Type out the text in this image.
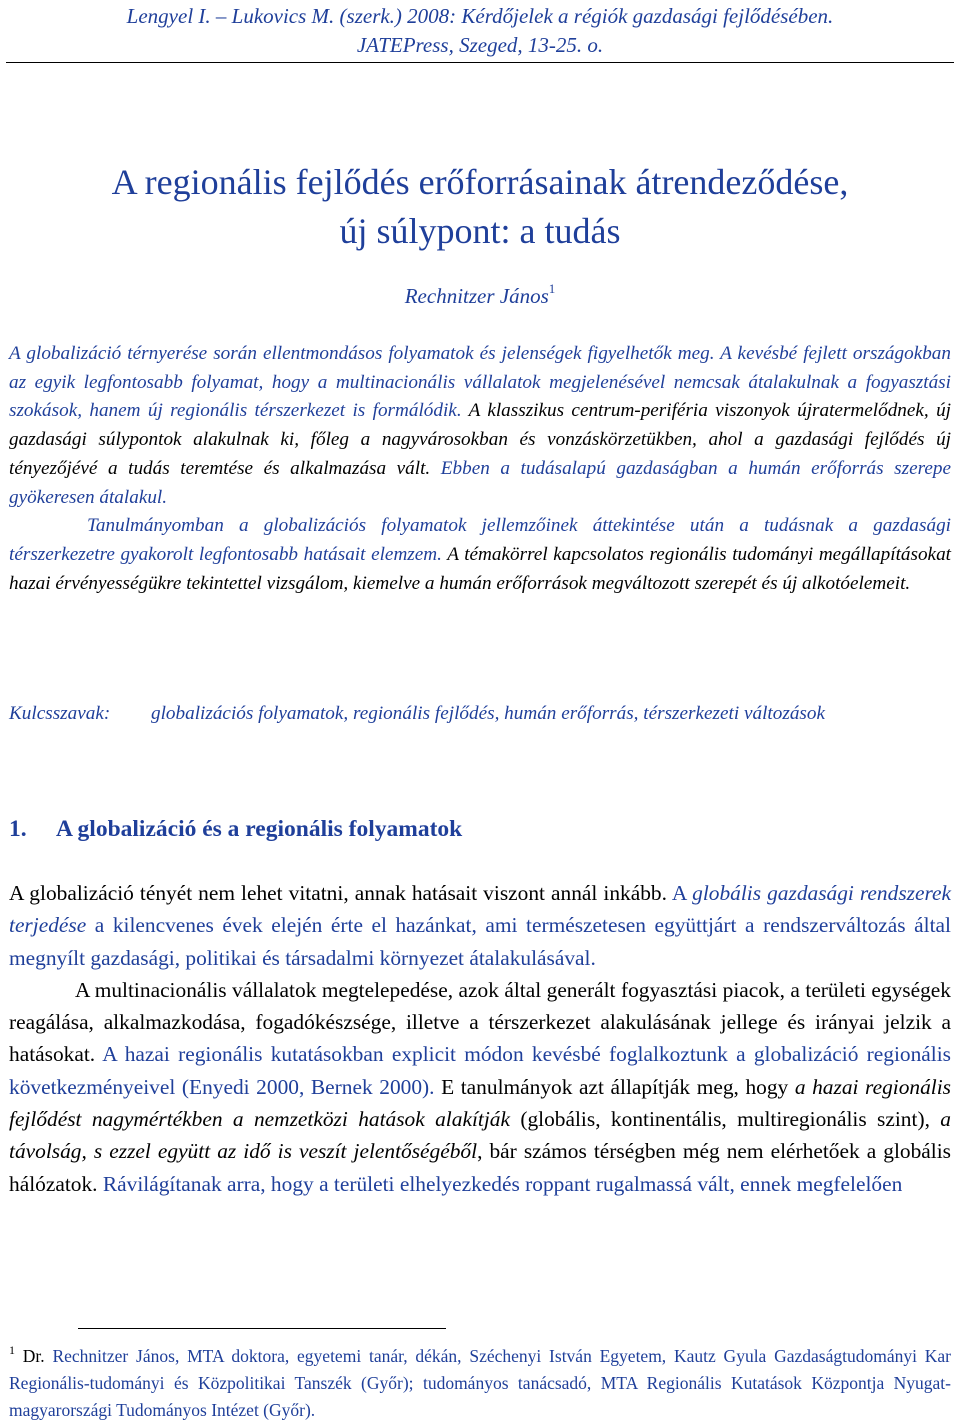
Lengyel I. – Lukovics M. (szerk.) 2008: Kérdőjelek a régiók gazdasági fejlődésében.
JATEPress, Szeged, 13-25. o.
A regionális fejlődés erőforrásainak átrendeződése,
új súlypont: a tudás
Rechnitzer János$^1$

A globalizáció térnyerése során ellentmondásos folyamatok és jelenségek figyelhetők meg. A kevésbé fejlett országokban az egyik legfontosabb folyamat, hogy a multinacionális vállalatok megjelenésével nemcsak átalakulnak a fogyasztási szokások, hanem új regionális térszerkezet is formálódik. A klasszikus centrum-periféria viszonyok újratermelődnek, új gazdasági súlypontok alakulnak ki, főleg a nagyvárosokban és vonzáskörzetükben, ahol a gazdasági fejlődés új tényezőjévé a tudás teremtése és alkalmazása vált. Ebben a tudásalapú gazdaságban a humán erőforrás szerepe gyökeresen átalakul.

Tanulmányomban a globalizációs folyamatok jellemzőinek áttekintése után a tudásnak a gazdasági térszerkezetre gyakorolt legfontosabb hatásait elemzem. A témakörrel kapcsolatos regionális tudományi megállapításokat hazai érvényességükre tekintettel vizsgálom, kiemelve a humán erőforrások megváltozott szerepét és új alkotóelemeit.

Kulcsszavak:	globalizációs folyamatok, regionális fejlődés, humán erőforrás, térszerkezeti változások
1. A globalizáció és a regionális folyamatok

A globalizáció tényét nem lehet vitatni, annak hatásait viszont annál inkább. A globális gazdasági rendszerek terjedése a kilencvenes évek elején érte el hazánkat, ami természetesen együttjárt a rendszerváltozás által megnyílt gazdasági, politikai és társadalmi környezet átalakulásával.

A multinacionális vállalatok megtelepedése, azok által generált fogyasztási piacok, a területi egységek reagálása, alkalmazkodása, fogadókészsége, illetve a térszerkezet alakulásának jellege és irányai jelzik a hatásokat. A hazai regionális kutatásokban explicit módon kevésbé foglalkoztunk a globalizáció regionális következményeivel (Enyedi 2000, Bernek 2000). E tanulmányok azt állapítják meg, hogy a hazai regionális fejlődést nagymértékben a nemzetközi hatások alakítják (globális, kontinentális, multiregionális szint), a távolság, s ezzel együtt az idő is veszít jelentőségéből, bár számos térségben még nem elérhetőek a globális hálózatok. Rávilágítanak arra, hogy a területi elhelyezkedés roppant rugalmassá vált, ennek megfelelően

$^1$ Dr. Rechnitzer János, MTA doktora, egyetemi tanár, dékán, Széchenyi István Egyetem, Kautz Gyula Gazdaságtudományi Kar Regionális-tudományi és Közpolitikai Tanszék (Győr); tudományos tanácsadó, MTA Regionális Kutatások Központja Nyugat-magyarországi Tudományos Intézet (Győr).
